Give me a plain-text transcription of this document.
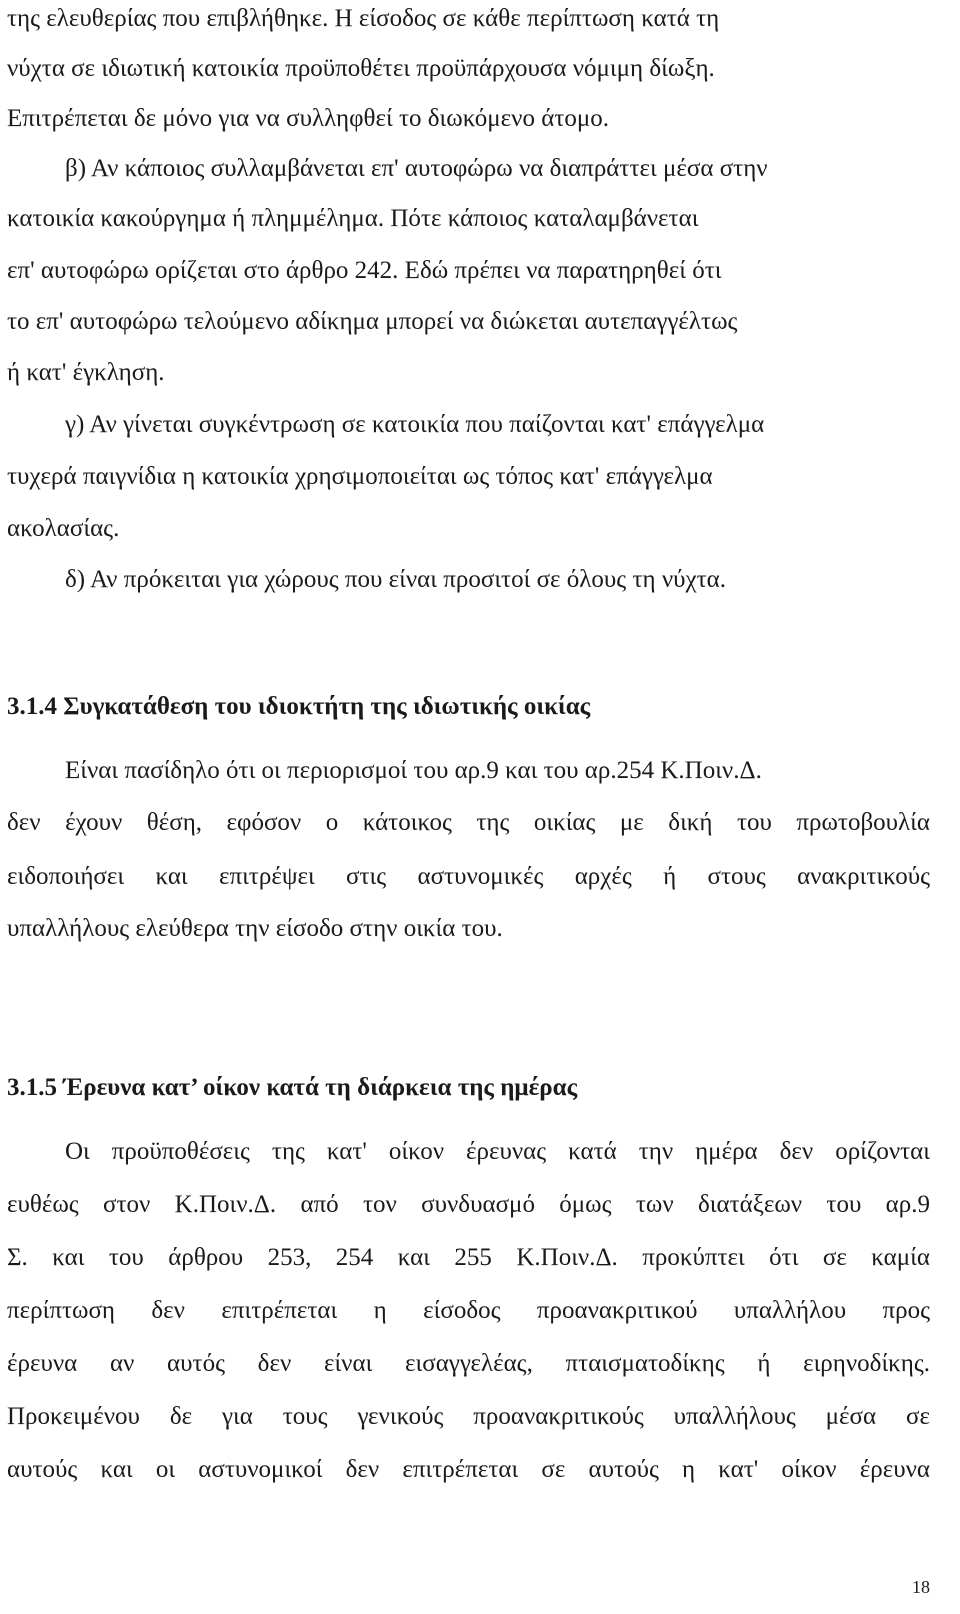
της ελευθερίας που επιβλήθηκε. Η είσοδος σε κάθε περίπτωση κατά τη

νύχτα σε ιδιωτική κατοικία προϋποθέτει προϋπάρχουσα νόμιμη δίωξη.

Επιτρέπεται δε μόνο για να συλληφθεί το διωκόμενο άτομο.

β) Αν κάποιος συλλαμβάνεται επ' αυτοφώρω να διαπράττει μέσα στην

κατοικία κακούργημα ή πλημμέλημα. Πότε κάποιος καταλαμβάνεται

επ' αυτοφώρω ορίζεται στο άρθρο 242. Εδώ πρέπει να παρατηρηθεί ότι

το επ' αυτοφώρω τελούμενο αδίκημα μπορεί να διώκεται αυτεπαγγέλτως

ή κατ' έγκληση.

γ) Αν γίνεται συγκέντρωση σε κατοικία που παίζονται κατ' επάγγελμα

τυχερά παιγνίδια η κατοικία χρησιμοποιείται ως τόπος κατ' επάγγελμα

ακολασίας.

δ) Αν πρόκειται για χώρους που είναι προσιτοί σε όλους τη νύχτα.

3.1.4 Συγκατάθεση του ιδιοκτήτη της ιδιωτικής οικίας

Είναι πασίδηλο ότι οι περιορισμοί του αρ.9 και του αρ.254 Κ.Ποιν.Δ.

δεν έχουν θέση, εφόσον ο κάτοικος της οικίας με δική του πρωτοβουλία

ειδοποιήσει και επιτρέψει στις αστυνομικές αρχές ή στους ανακριτικούς

υπαλλήλους ελεύθερα την είσοδο στην οικία του.

3.1.5 Έρευνα κατ’ οίκον κατά τη διάρκεια της ημέρας

Οι προϋποθέσεις της κατ' οίκον έρευνας κατά την ημέρα δεν ορίζονται

ευθέως στον Κ.Ποιν.Δ. από τον συνδυασμό όμως των διατάξεων του αρ.9

Σ. και του άρθρου 253, 254 και 255 Κ.Ποιν.Δ. προκύπτει ότι σε καμία

περίπτωση δεν επιτρέπεται η είσοδος προανακριτικού υπαλλήλου προς

έρευνα αν αυτός δεν είναι εισαγγελέας, πταισματοδίκης ή ειρηνοδίκης.

Προκειμένου δε για τους γενικούς προανακριτικούς υπαλλήλους μέσα σε

αυτούς και οι αστυνομικοί δεν επιτρέπεται σε αυτούς η κατ' οίκον έρευνα

18
